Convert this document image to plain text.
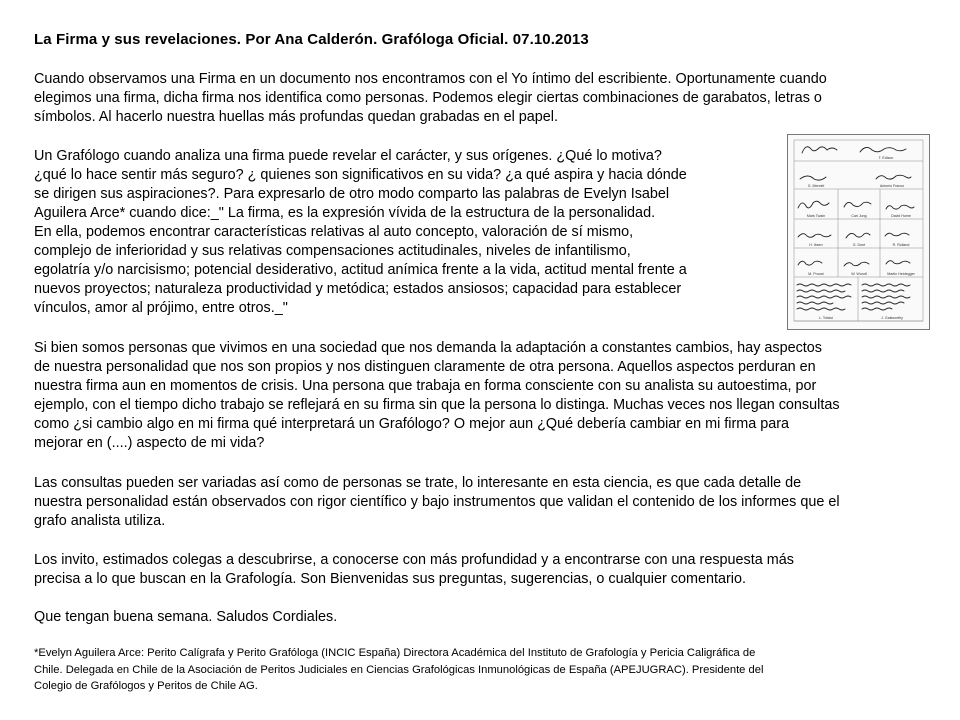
La Firma y sus revelaciones. Por Ana Calderón. Grafóloga Oficial. 07.10.2013
Cuando observamos una Firma en un documento nos encontramos con el Yo íntimo del escribiente. Oportunamente cuando
elegimos una firma, dicha firma nos identifica como personas. Podemos elegir ciertas combinaciones de garabatos, letras o
símbolos. Al hacerlo nuestra huellas más profundas quedan grabadas en el papel.
Un Grafólogo cuando analiza una firma puede revelar el carácter, y sus orígenes. ¿Qué lo motiva?
¿qué lo hace sentir más seguro? ¿ quienes son significativos en su vida? ¿a qué aspira y hacia dónde
se dirigen sus aspiraciones?. Para expresarlo de otro modo comparto las palabras de Evelyn Isabel
Aguilera Arce* cuando dice:_" La firma, es la expresión vívida de la estructura de la personalidad.
En ella, podemos encontrar características relativas al auto concepto, valoración de sí mismo,
complejo de inferioridad y sus relativas compensaciones actitudinales, niveles de infantilismo,
egolatría y/o narcisismo; potencial desiderativo, actitud anímica frente a la vida, actitud mental frente a
nuevos proyectos; naturaleza productividad y metódica; estados ansiosos; capacidad para establecer
vínculos, amor al prójimo, entre otros._"
Si bien somos personas que vivimos en una sociedad que nos demanda la adaptación a constantes cambios, hay aspectos
de nuestra personalidad que nos son propios y nos distinguen claramente de otra persona. Aquellos aspectos perduran en
nuestra firma aun en momentos de crisis. Una persona que trabaja en forma consciente con su analista su autoestima, por
ejemplo, con el tiempo dicho trabajo se reflejará en su firma sin que la persona lo distinga. Muchas veces nos llegan consultas
como ¿si cambio algo en mi firma qué interpretará un Grafólogo? O mejor aun ¿Qué debería cambiar en mi firma para
mejorar en (....) aspecto de mi vida?
Las consultas pueden ser variadas así como de personas se trate, lo interesante en esta ciencia, es que cada detalle de
nuestra personalidad están observados con rigor científico y bajo instrumentos que validan el contenido de los informes que el
grafo analista utiliza.
Los invito, estimados colegas a descubrirse, a conocerse con más profundidad y a encontrarse con una respuesta más
precisa a lo que buscan en la Grafología. Son Bienvenidas sus preguntas, sugerencias, o cualquier comentario.
Que tengan buena semana. Saludos Cordiales.
*Evelyn Aguilera Arce: Perito Calígrafa y Perito Grafóloga (INCIC España) Directora Académica del Instituto de Grafología y Pericia Caligráfica de
Chile. Delegada en Chile de la Asociación de Peritos Judiciales en Ciencias Grafológicas Inmunológicas de España (APEJUGRAC). Presidente del
Colegio de Grafólogos y Peritos de Chile AG.
T. Edison
G. Mendel	Antonio Franco
Mark Twain	Carl Jung	David Hume
H. Ibsen	G. Doré	R. Rolland
M. Proust	W. Wundt	Martin Heidegger
L. Tolstoi	J. Galsworthy
